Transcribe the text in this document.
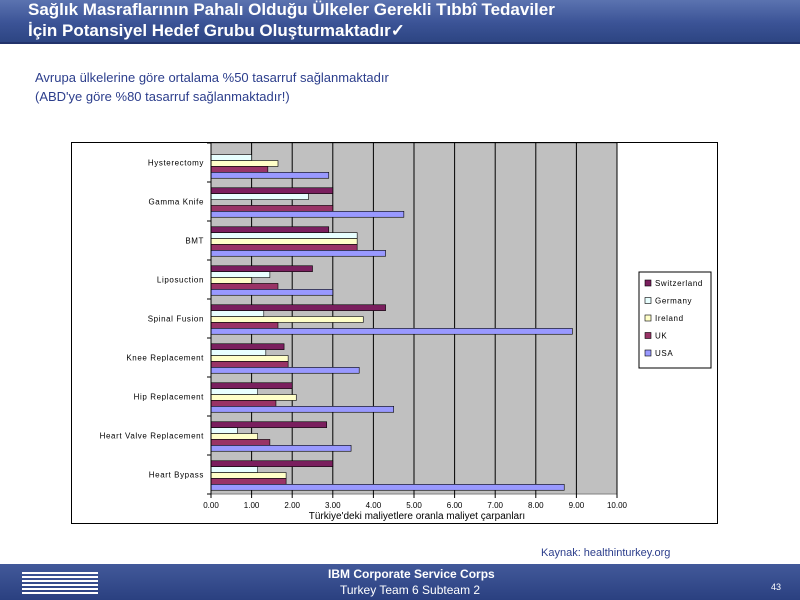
Sağlık Masraflarının Pahalı Olduğu Ülkeler Gerekli Tıbbî Tedaviler
İçin Potansiyel Hedef Grubu Oluşturmaktadır✓
Avrupa ülkelerine göre ortalama %50 tasarruf sağlanmaktadır
(ABD'ye göre %80 tasarruf sağlanmaktadır!)
0.00	1.00	2.00	3.00	4.00	5.00	6.00	7.00	8.00	9.00	10.00
Türkiye'deki maliyetlere oranla maliyet çarpanları
Hysterectomy
Gamma Knife
BMT
Liposuction
Spinal Fusion
Knee Replacement
Hip Replacement
Heart Valve Replacement
Heart Bypass
Switzerland
Germany
Ireland
UK
USA
Kaynak: healthinturkey.org
IBM Corporate Service Corps
Turkey Team 6 Subteam 2	43
